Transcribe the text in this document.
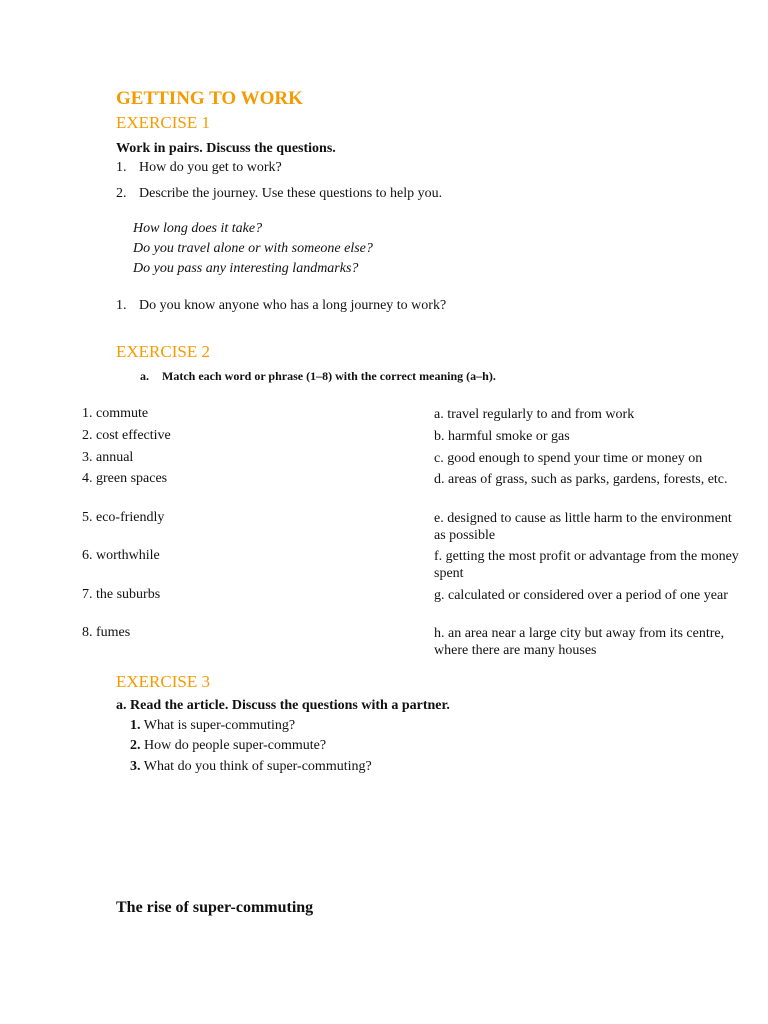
GETTING TO WORK
EXERCISE 1
Work in pairs. Discuss the questions.
1. How do you get to work?
2. Describe the journey. Use these questions to help you.
How long does it take?
Do you travel alone or with someone else?
Do you pass any interesting landmarks?
1. Do you know anyone who has a long journey to work?
EXERCISE 2
a. Match each word or phrase (1–8) with the correct meaning (a–h).
1. commute
2. cost effective
3. annual
4. green spaces
5. eco-friendly
6. worthwhile
7. the suburbs
8. fumes
a. travel regularly to and from work
b. harmful smoke or gas
c. good enough to spend your time or money on
d. areas of grass, such as parks, gardens, forests, etc.
e. designed to cause as little harm to the environment as possible
f. getting the most profit or advantage from the money spent
g. calculated or considered over a period of one year
h. an area near a large city but away from its centre, where there are many houses
EXERCISE 3
a. Read the article. Discuss the questions with a partner.
1. What is super-commuting?
2. How do people super-commute?
3. What do you think of super-commuting?
The rise of super-commuting
